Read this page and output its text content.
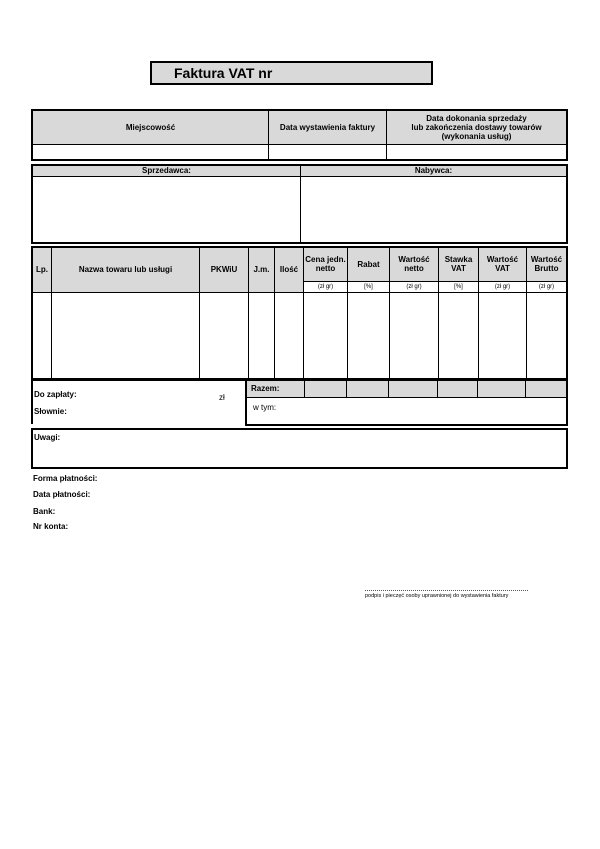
Faktura VAT nr
Miejscowość	Data wystawienia faktury	Data dokonania sprzedaży
lub zakończenia dostawy towarów
(wykonania usług)

Sprzedawca:	Nabywca:

Lp.	Nazwa towaru lub usługi	PKWiU	J.m.	Ilość	Cena jedn. netto	Rabat	Wartość netto	Stawka VAT	Wartość VAT	Wartość Brutto
					(zł gr)	[%]	(zł gr)	[%]	(zł gr)	(zł gr)

Do zapłaty:	zł
Słownie:
Razem:						
w tym:
Uwagi:
Forma płatności:
Data płatności:
Bank:
Nr konta:
podpis i pieczęć osoby uprawnionej do wystawienia faktury
